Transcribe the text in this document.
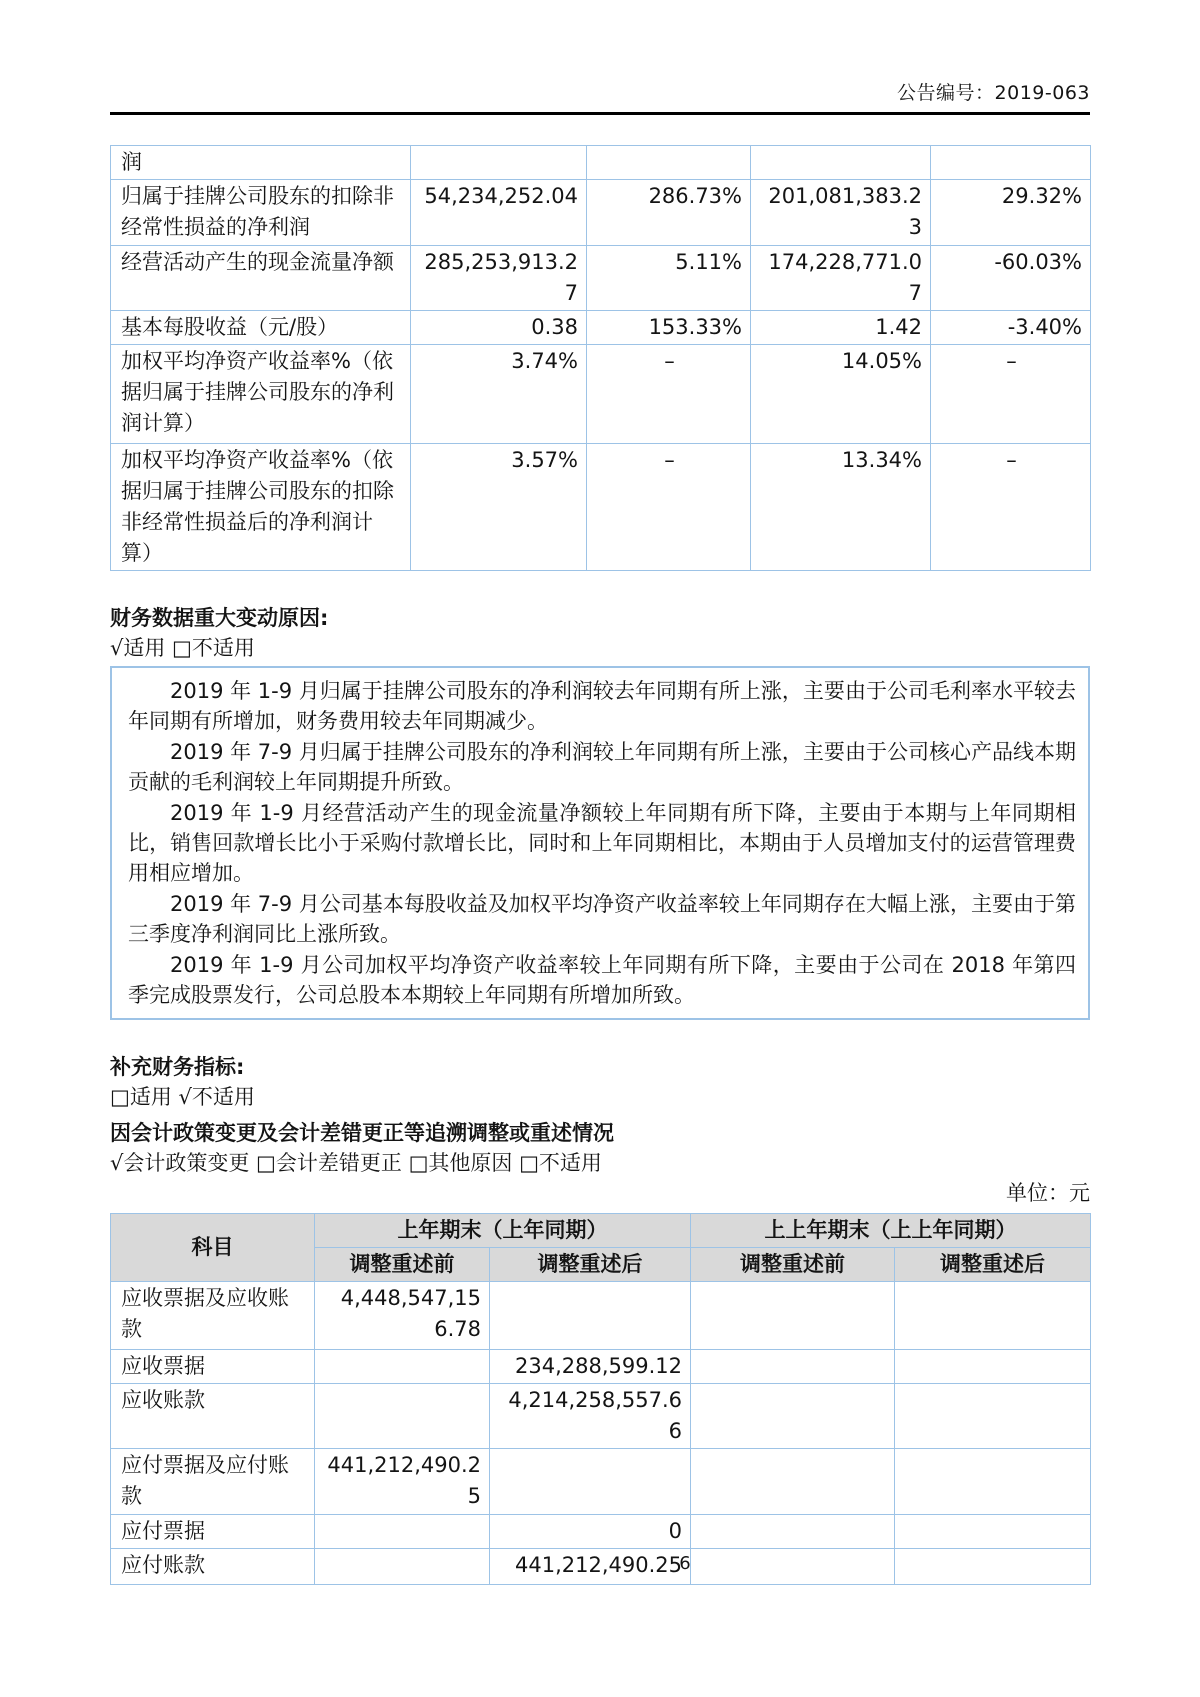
公告编号：2019-063
润				
归属于挂牌公司股东的扣除非经常性损益的净利润	54,234,252.04	286.73%	201,081,383.23	29.32%
经营活动产生的现金流量净额	285,253,913.27	5.11%	174,228,771.07	-60.03%
基本每股收益（元/股）	0.38	153.33%	1.42	-3.40%
加权平均净资产收益率%（依据归属于挂牌公司股东的净利润计算）	3.74%	–	14.05%	–
加权平均净资产收益率%（依据归属于挂牌公司股东的扣除非经常性损益后的净利润计算）	3.57%	–	13.34%	–
财务数据重大变动原因:
√适用 □不适用

2019 年 1-9 月归属于挂牌公司股东的净利润较去年同期有所上涨，主要由于公司毛利率水平较去年同期有所增加，财务费用较去年同期减少。

2019 年 7-9 月归属于挂牌公司股东的净利润较上年同期有所上涨，主要由于公司核心产品线本期贡献的毛利润较上年同期提升所致。

2019 年 1-9 月经营活动产生的现金流量净额较上年同期有所下降，主要由于本期与上年同期相比，销售回款增长比小于采购付款增长比，同时和上年同期相比，本期由于人员增加支付的运营管理费用相应增加。

2019 年 7-9 月公司基本每股收益及加权平均净资产收益率较上年同期存在大幅上涨，主要由于第三季度净利润同比上涨所致。

2019 年 1-9 月公司加权平均净资产收益率较上年同期有所下降，主要由于公司在 2018 年第四季完成股票发行，公司总股本本期较上年同期有所增加所致。

补充财务指标:
□适用 √不适用
因会计政策变更及会计差错更正等追溯调整或重述情况
√会计政策变更 □会计差错更正 □其他原因 □不适用
单位：元
科目	上年期末（上年同期）		上上年期末（上上年同期）	
	调整重述前	调整重述后	调整重述前	调整重述后
应收票据及应收账款	4,448,547,156.78			
应收票据		234,288,599.12		
应收账款		4,214,258,557.66		
应付票据及应付账款	441,212,490.25			
应付票据		0		
应付账款		441,212,490.25		
6
